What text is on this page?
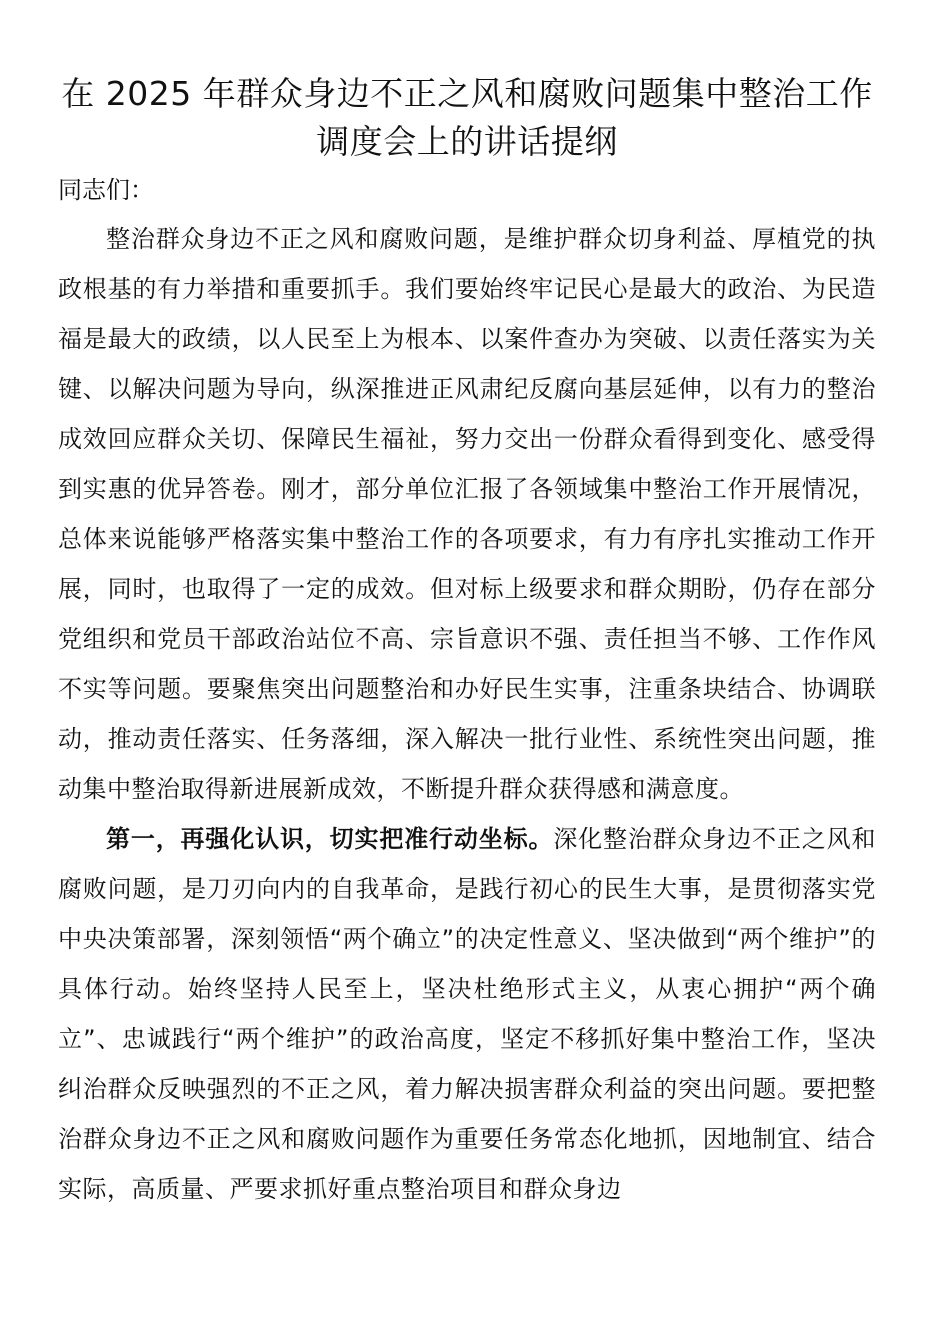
在 2025 年群众身边不正之风和腐败问题集中整治工作调度会上的讲话提纲

同志们：

整治群众身边不正之风和腐败问题，是维护群众切身利益、厚植党的执政根基的有力举措和重要抓手。我们要始终牢记民心是最大的政治、为民造福是最大的政绩，以人民至上为根本、以案件查办为突破、以责任落实为关键、以解决问题为导向，纵深推进正风肃纪反腐向基层延伸，以有力的整治成效回应群众关切、保障民生福祉，努力交出一份群众看得到变化、感受得到实惠的优异答卷。刚才，部分单位汇报了各领域集中整治工作开展情况，总体来说能够严格落实集中整治工作的各项要求，有力有序扎实推动工作开展，同时，也取得了一定的成效。但对标上级要求和群众期盼，仍存在部分党组织和党员干部政治站位不高、宗旨意识不强、责任担当不够、工作作风不实等问题。要聚焦突出问题整治和办好民生实事，注重条块结合、协调联动，推动责任落实、任务落细，深入解决一批行业性、系统性突出问题，推动集中整治取得新进展新成效，不断提升群众获得感和满意度。

第一，再强化认识，切实把准行动坐标。深化整治群众身边不正之风和腐败问题，是刀刃向内的自我革命，是践行初心的民生大事，是贯彻落实党中央决策部署，深刻领悟“两个确立”的决定性意义、坚决做到“两个维护”的具体行动。始终坚持人民至上，坚决杜绝形式主义，从衷心拥护“两个确立”、忠诚践行“两个维护”的政治高度，坚定不移抓好集中整治工作，坚决纠治群众反映强烈的不正之风，着力解决损害群众利益的突出问题。要把整治群众身边不正之风和腐败问题作为重要任务常态化地抓，因地制宜、结合实际，高质量、严要求抓好重点整治项目和群众身边
